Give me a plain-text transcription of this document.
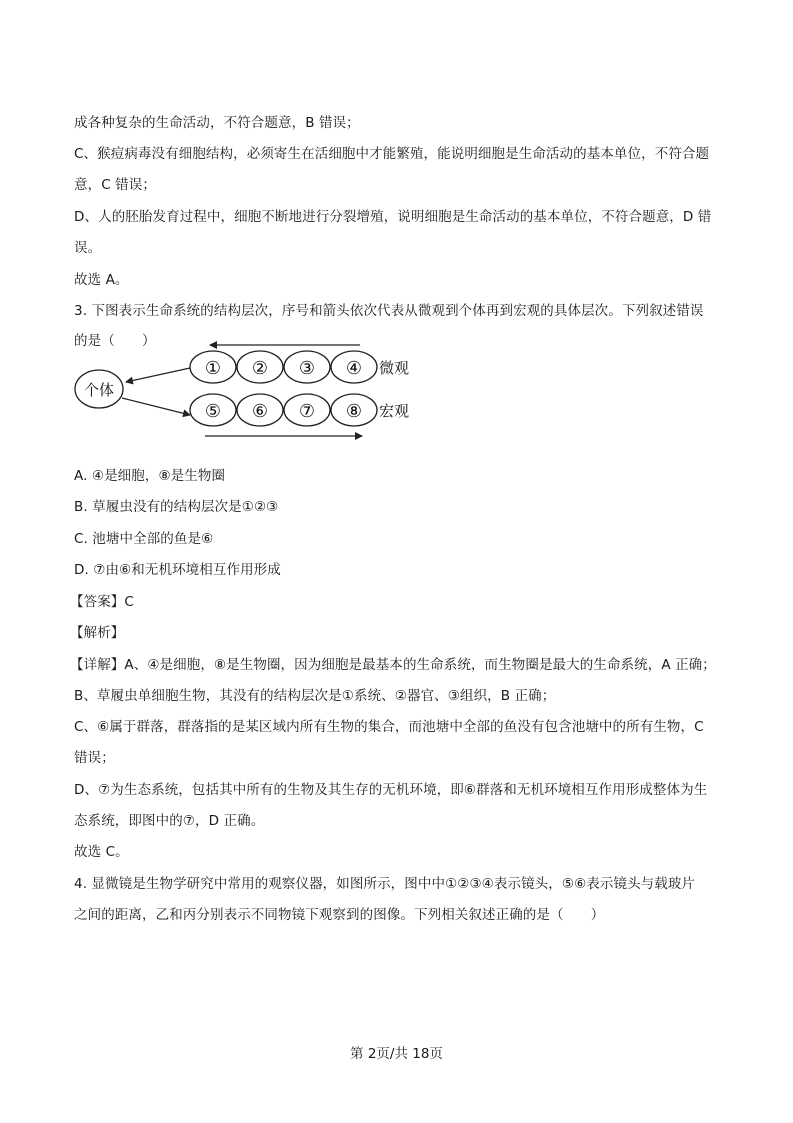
成各种复杂的生命活动，不符合题意，B 错误；
C、猴痘病毒没有细胞结构，必须寄生在活细胞中才能繁殖，能说明细胞是生命活动的基本单位，不符合题
意，C 错误；
D、人的胚胎发育过程中，细胞不断地进行分裂增殖，说明细胞是生命活动的基本单位，不符合题意，D 错
误。
故选 A。
3. 下图表示生命系统的结构层次，序号和箭头依次代表从微观到个体再到宏观的具体层次。下列叙述错误
的是（　　）
个体
① ② ③ ④ 微观
⑤ ⑥ ⑦ ⑧ 宏观
A. ④是细胞，⑧是生物圈
B. 草履虫没有的结构层次是①②③
C. 池塘中全部的鱼是⑥
D. ⑦由⑥和无机环境相互作用形成
【答案】C
【解析】
【详解】A、④是细胞，⑧是生物圈，因为细胞是最基本的生命系统，而生物圈是最大的生命系统，A 正确；
B、草履虫单细胞生物，其没有的结构层次是①系统、②器官、③组织，B 正确；
C、⑥属于群落，群落指的是某区域内所有生物的集合，而池塘中全部的鱼没有包含池塘中的所有生物，C
错误；
D、⑦为生态系统，包括其中所有的生物及其生存的无机环境，即⑥群落和无机环境相互作用形成整体为生
态系统，即图中的⑦，D 正确。
故选 C。
4. 显微镜是生物学研究中常用的观察仪器，如图所示，图中中①②③④表示镜头，⑤⑥表示镜头与载玻片
之间的距离，乙和丙分别表示不同物镜下观察到的图像。下列相关叙述正确的是（　　）
第 2页/共 18页
